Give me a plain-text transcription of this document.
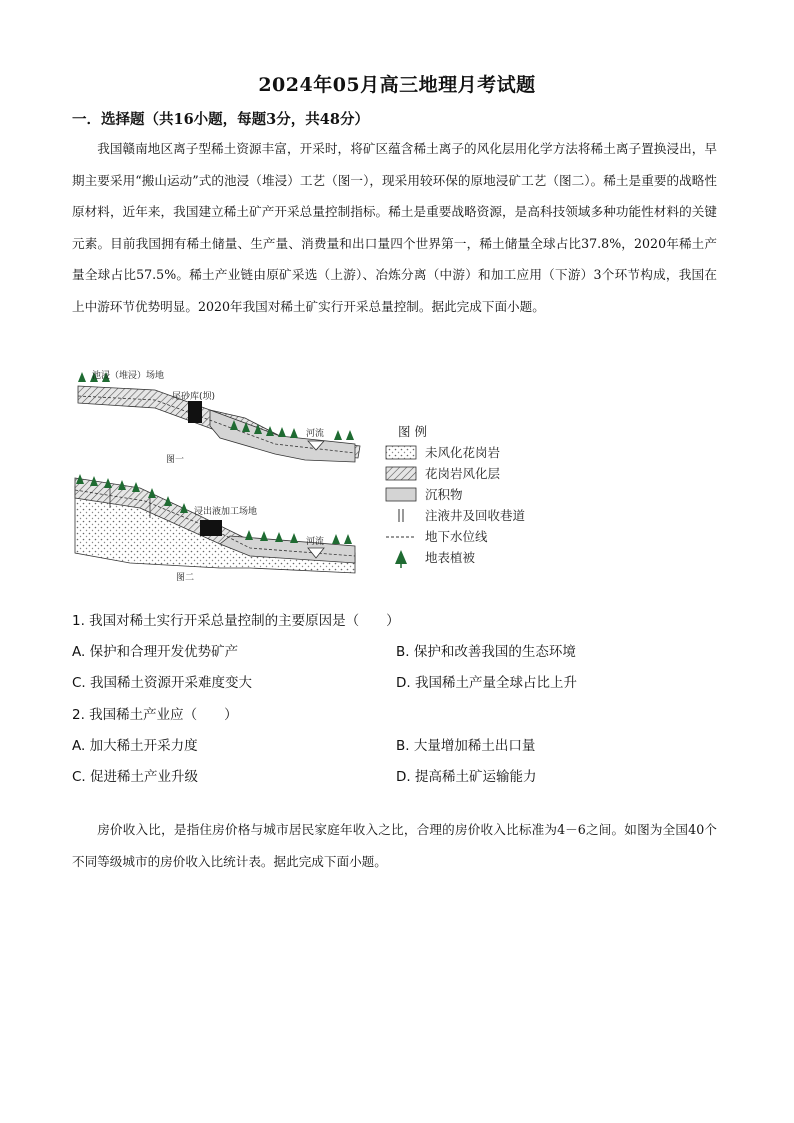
2024年05月高三地理月考试题
一．选择题（共16小题，每题3分，共48分）

我国赣南地区离子型稀土资源丰富，开采时，将矿区蕴含稀土离子的风化层用化学方法将稀土离子置换浸出，早期主要采用“搬山运动”式的池浸（堆浸）工艺（图一），现采用较环保的原地浸矿工艺（图二）。稀土是重要的战略性原材料，近年来，我国建立稀土矿产开采总量控制指标。稀土是重要战略资源，是高科技领域多种功能性材料的关键元素。目前我国拥有稀土储量、生产量、消费量和出口量四个世界第一，稀土储量全球占比37.8%，2020年稀土产量全球占比57.5%。稀土产业链由原矿采选（上游）、冶炼分离（中游）和加工应用（下游）3个环节构成，我国在上中游环节优势明显。2020年我国对稀土矿实行开采总量控制。据此完成下面小题。

池浸（堆浸）场地
尾砂库(坝)
河流
图一
浸出液加工场地
河流
图二
图 例
未风化花岗岩
花岗岩风化层
沉积物
注液井及回收巷道
地下水位线
地表植被
1. 我国对稀土实行开采总量控制的主要原因是（　　）
A. 保护和合理开发优势矿产	B. 保护和改善我国的生态环境
C. 我国稀土资源开采难度变大	D. 我国稀土产量全球占比上升
2. 我国稀土产业应（　　）
A. 加大稀土开采力度	B. 大量增加稀土出口量
C. 促进稀土产业升级	D. 提高稀土矿运输能力

房价收入比，是指住房价格与城市居民家庭年收入之比，合理的房价收入比标准为4－6之间。如图为全国40个不同等级城市的房价收入比统计表。据此完成下面小题。
